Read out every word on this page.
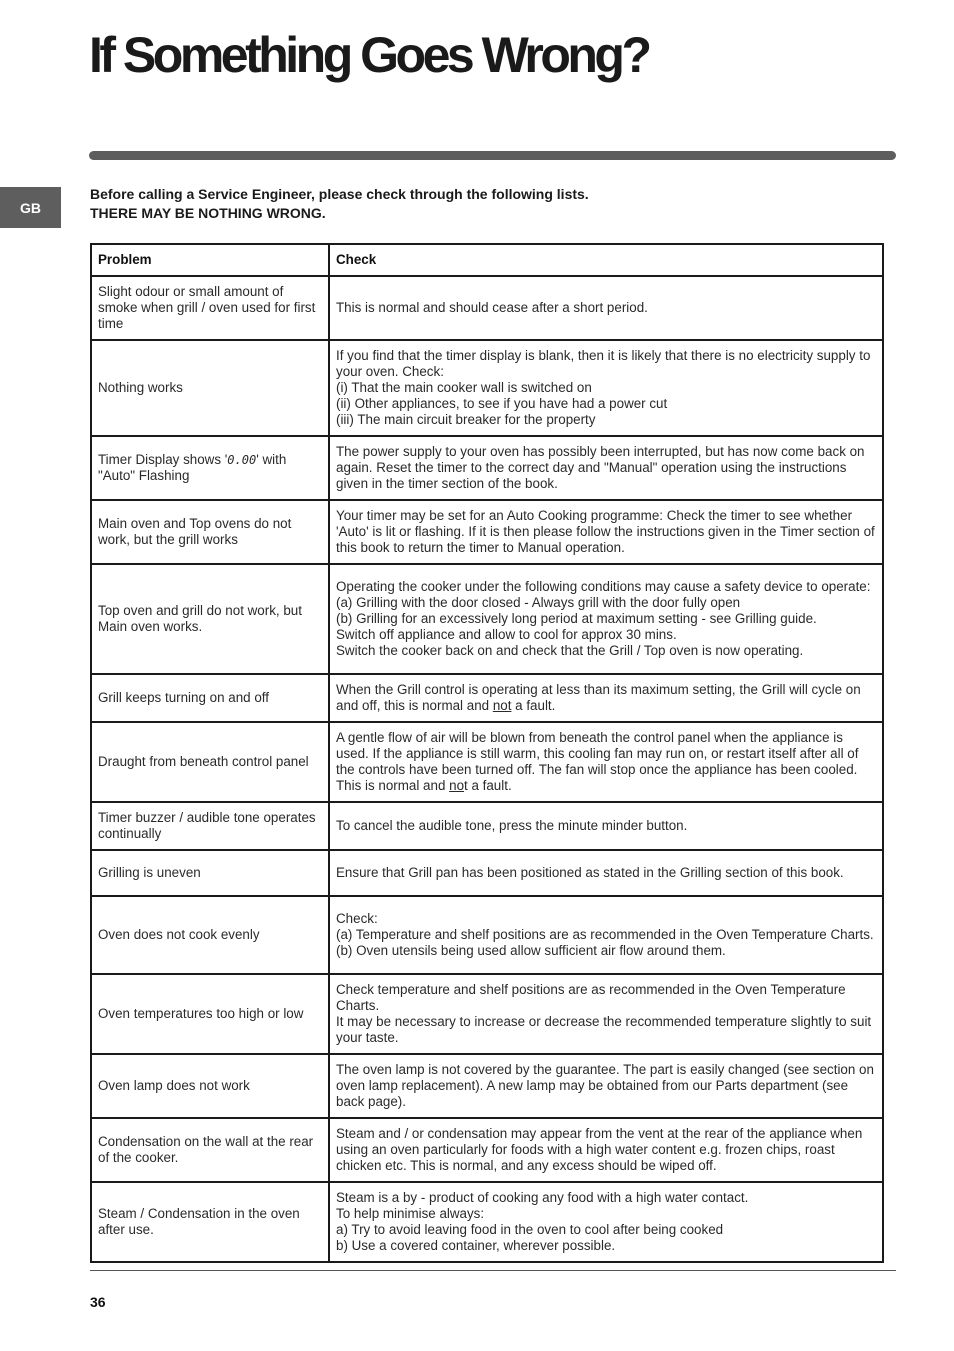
If Something Goes Wrong?
GB
Before calling a Service Engineer, please check through the following lists.
THERE MAY BE NOTHING WRONG.
Problem	Check
Slight odour or small amount of smoke when grill / oven used for first time	This is normal and should cease after a short period.

Nothing works	If you find that the timer display is blank, then it is likely that there is no electricity supply to your oven. Check:
(i) That the main cooker wall is switched on
(ii) Other appliances, to see if you have had a power cut
(iii) The main circuit breaker for the property

Timer Display shows '0.00' with "Auto" Flashing	The power supply to your oven has possibly been interrupted, but has now come back on again. Reset the timer to the correct day and "Manual" operation using the instructions given in the timer section of the book.

Main oven and Top ovens do not work, but the grill works	Your timer may be set for an Auto Cooking programme: Check the timer to see whether 'Auto' is lit or flashing. If it is then please follow the instructions given in the Timer section of this book to return the timer to Manual operation.

Top oven and grill do not work, but Main oven works.	Operating the cooker under the following conditions may cause a safety device to operate:
(a) Grilling with the door closed - Always grill with the door fully open
(b) Grilling for an excessively long period at maximum setting - see Grilling guide.
Switch off appliance and allow to cool for approx 30 mins.
Switch the cooker back on and check that the Grill / Top oven is now operating.

Grill keeps turning on and off	When the Grill control is operating at less than its maximum setting, the Grill will cycle on and off, this is normal and not a fault.
Draught from beneath control panel	A gentle flow of air will be blown from beneath the control panel when the appliance is used. If the appliance is still warm, this cooling fan may run on, or restart itself after all of the controls have been turned off. The fan will stop once the appliance has been cooled. This is normal and not a fault.
Timer buzzer / audible tone operates continually	To cancel the audible tone, press the minute minder button.

Grilling is uneven	Ensure that Grill pan has been positioned as stated in the Grilling section of this book.

Oven does not cook evenly	Check:
(a) Temperature and shelf positions are as recommended in the Oven Temperature Charts.
(b) Oven utensils being used allow sufficient air flow around them.

Oven temperatures too high or low	Check temperature and shelf positions are as recommended in the Oven Temperature Charts.
It may be necessary to increase or decrease the recommended temperature slightly to suit your taste.

Oven lamp does not work	The oven lamp is not covered by the guarantee. The part is easily changed (see section on oven lamp replacement). A new lamp may be obtained from our Parts department (see back page).

Condensation on the wall at the rear of the cooker.	Steam and / or condensation may appear from the vent at the rear of the appliance when using an oven particularly for foods with a high water content e.g. frozen chips, roast chicken etc. This is normal, and any excess should be wiped off.

Steam / Condensation in the oven after use.	Steam is a by - product of cooking any food with a high water contact.
To help minimise always:
a) Try to avoid leaving food in the oven to cool after being cooked
b) Use a covered container, wherever possible.
36
